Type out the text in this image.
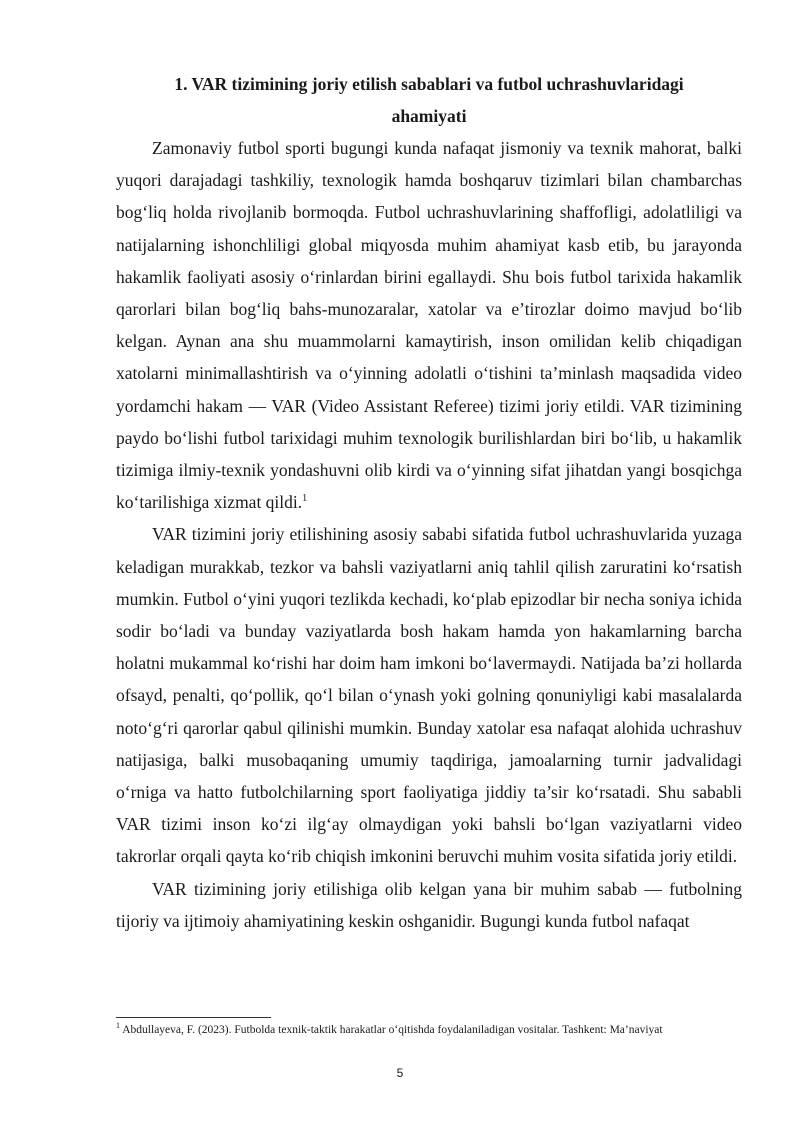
1. VAR tizimining joriy etilish sabablari va futbol uchrashuvlaridagi
ahamiyati

Zamonaviy futbol sporti bugungi kunda nafaqat jismoniy va texnik mahorat, balki yuqori darajadagi tashkiliy, texnologik hamda boshqaruv tizimlari bilan chambarchas bog‘liq holda rivojlanib bormoqda. Futbol uchrashuvlarining shaffofligi, adolatliligi va natijalarning ishonchliligi global miqyosda muhim ahamiyat kasb etib, bu jarayonda hakamlik faoliyati asosiy o‘rinlardan birini egallaydi. Shu bois futbol tarixida hakamlik qarorlari bilan bog‘liq bahs-munozaralar, xatolar va e’tirozlar doimo mavjud bo‘lib kelgan. Aynan ana shu muammolarni kamaytirish, inson omilidan kelib chiqadigan xatolarni minimallashtirish va o‘yinning adolatli o‘tishini ta’minlash maqsadida video yordamchi hakam — VAR (Video Assistant Referee) tizimi joriy etildi. VAR tizimining paydo bo‘lishi futbol tarixidagi muhim texnologik burilishlardan biri bo‘lib, u hakamlik tizimiga ilmiy-texnik yondashuvni olib kirdi va o‘yinning sifat jihatdan yangi bosqichga ko‘tarilishiga xizmat qildi.$^1$

VAR tizimini joriy etilishining asosiy sababi sifatida futbol uchrashuvlarida yuzaga keladigan murakkab, tezkor va bahsli vaziyatlarni aniq tahlil qilish zaruratini ko‘rsatish mumkin. Futbol o‘yini yuqori tezlikda kechadi, ko‘plab epizodlar bir necha soniya ichida sodir bo‘ladi va bunday vaziyatlarda bosh hakam hamda yon hakamlarning barcha holatni mukammal ko‘rishi har doim ham imkoni bo‘lavermaydi. Natijada ba’zi hollarda ofsayd, penalti, qo‘pollik, qo‘l bilan o‘ynash yoki golning qonuniyligi kabi masalalarda noto‘g‘ri qarorlar qabul qilinishi mumkin. Bunday xatolar esa nafaqat alohida uchrashuv natijasiga, balki musobaqaning umumiy taqdiriga, jamoalarning turnir jadvalidagi o‘rniga va hatto futbolchilarning sport faoliyatiga jiddiy ta’sir ko‘rsatadi. Shu sababli VAR tizimi inson ko‘zi ilg‘ay olmaydigan yoki bahsli bo‘lgan vaziyatlarni video takrorlar orqali qayta ko‘rib chiqish imkonini beruvchi muhim vosita sifatida joriy etildi.

VAR tizimining joriy etilishiga olib kelgan yana bir muhim sabab — futbolning tijoriy va ijtimoiy ahamiyatining keskin oshganidir. Bugungi kunda futbol nafaqat

$^1$ Abdullayeva, F. (2023). Futbolda texnik-taktik harakatlar o‘qitishda foydalaniladigan vositalar. Tashkent: Ma’naviyat

5
